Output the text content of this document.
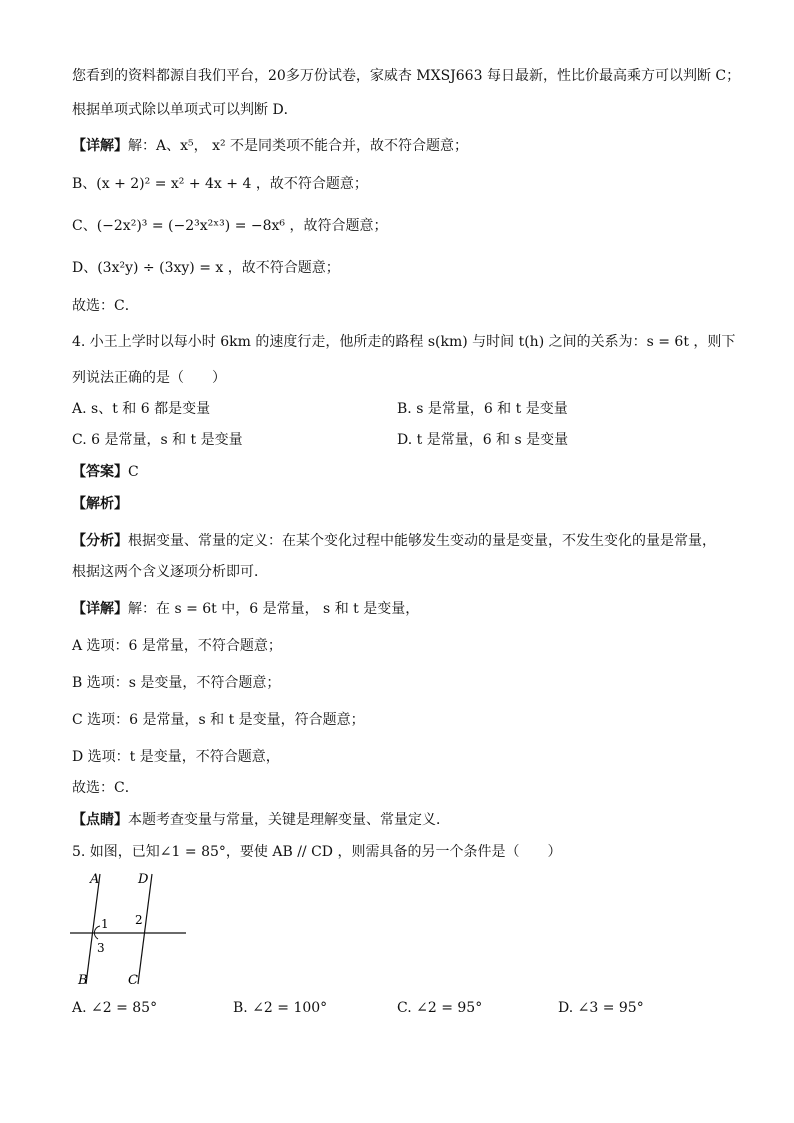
您看到的资料都源自我们平台，20多万份试卷，家威杏 MXSJ663 每日最新，性比价最高乘方可以判断 C；
根据单项式除以单项式可以判断 D．
【详解】解：A、x⁵， x² 不是同类项不能合并，故不符合题意；
B、(x + 2)² = x² + 4x + 4 ，故不符合题意；
C、(−2x²)³ = (−2³x²ˣ³) = −8x⁶ ，故符合题意；
D、(3x²y) ÷ (3xy) = x ，故不符合题意；
故选：C．
4. 小王上学时以每小时 6km 的速度行走，他所走的路程 s(km) 与时间 t(h) 之间的关系为：s = 6t ，则下
列说法正确的是（　　）
A. s、t 和 6 都是变量	B. s 是常量，6 和 t 是变量
C. 6 是常量，s 和 t 是变量	D. t 是常量，6 和 s 是变量
【答案】C
【解析】
【分析】根据变量、常量的定义：在某个变化过程中能够发生变动的量是变量，不发生变化的量是常量，
根据这两个含义逐项分析即可．
【详解】解：在 s = 6t 中，6 是常量， s 和 t 是变量，
A 选项：6 是常量，不符合题意；
B 选项：s 是变量，不符合题意；
C 选项：6 是常量，s 和 t 是变量，符合题意；
D 选项：t 是变量，不符合题意，
故选：C．
【点睛】本题考查变量与常量，关键是理解变量、常量定义．
5. 如图，已知∠1 = 85°，要使 AB // CD ，则需具备的另一个条件是（　　）
A
B	C
D
1 2
3
A. ∠2 = 85°	B. ∠2 = 100°	C. ∠2 = 95°	D. ∠3 = 95°
